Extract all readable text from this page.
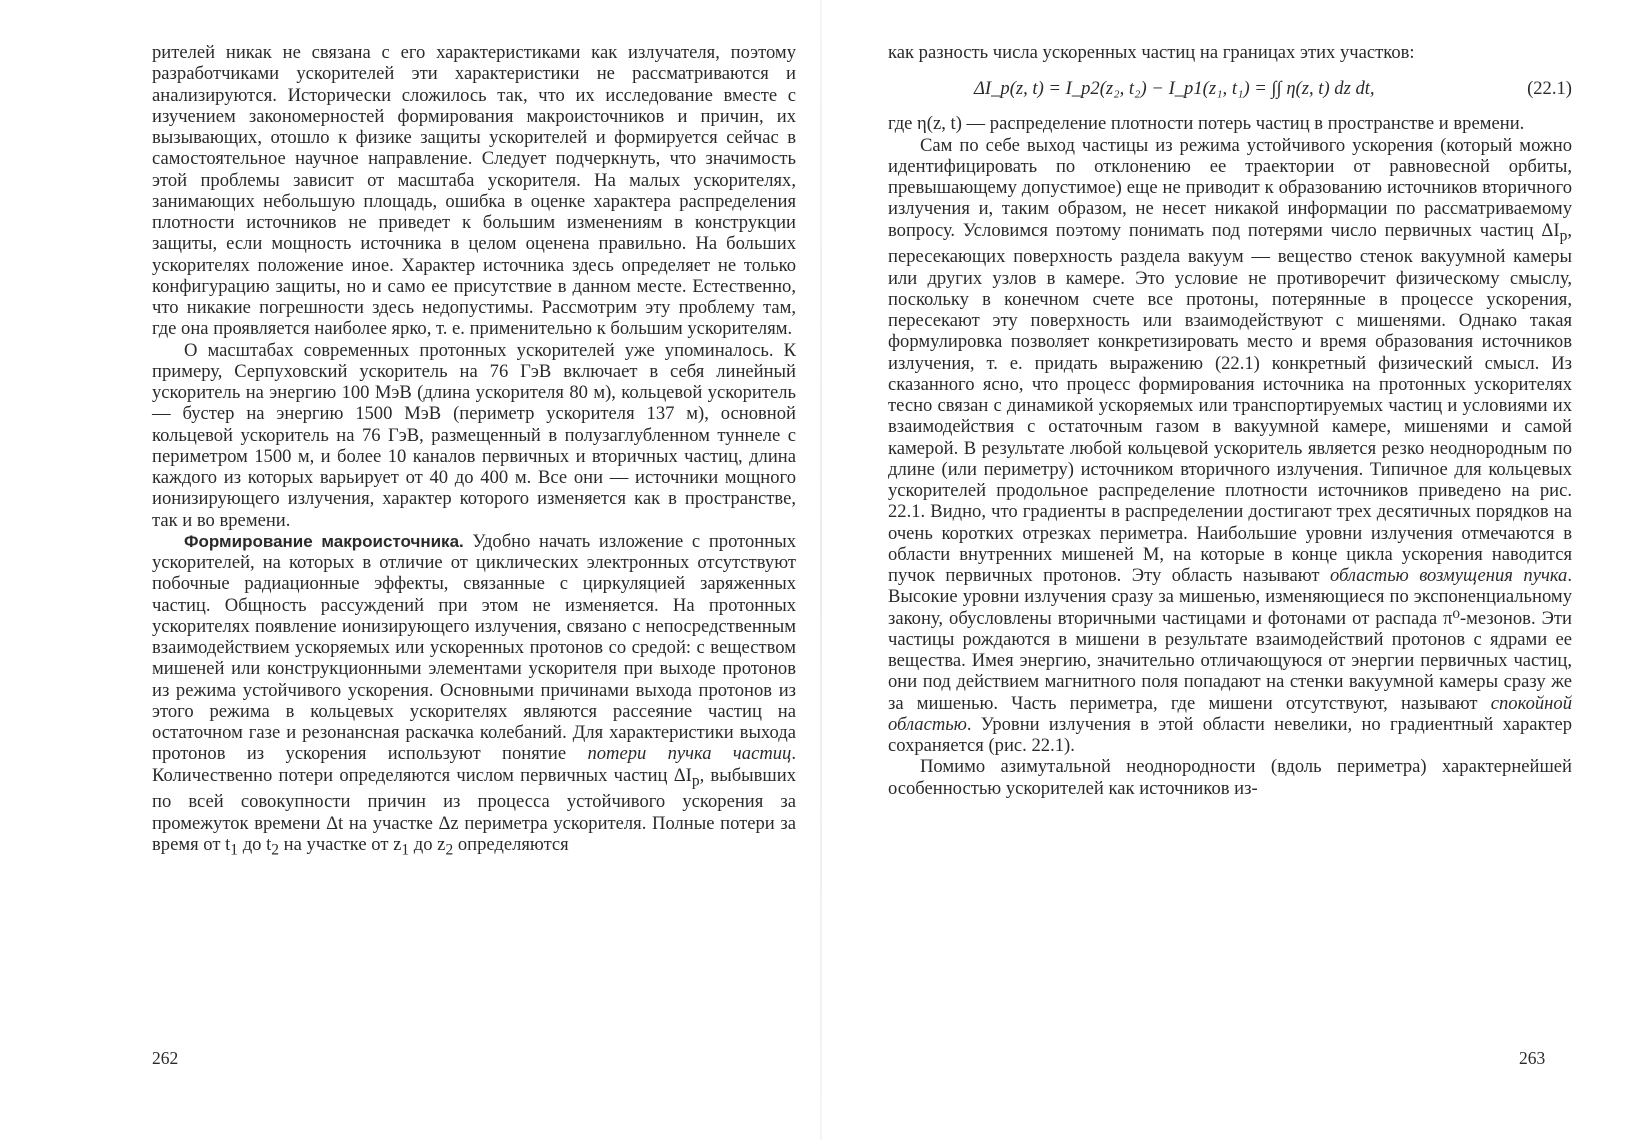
рителей никак не связана с его характеристиками как излучателя, поэтому разработчиками ускорителей эти характеристики не рассматриваются и анализируются. Исторически сложилось так, что их исследование вместе с изучением закономерностей формирования макроисточников и причин, их вызывающих, отошло к физике защиты ускорителей и формируется сейчас в самостоятельное научное направление. Следует подчеркнуть, что значимость этой проблемы зависит от масштаба ускорителя. На малых ускорителях, занимающих небольшую площадь, ошибка в оценке характера распределения плотности источников не приведет к большим изменениям в конструкции защиты, если мощность источника в целом оценена правильно. На больших ускорителях положение иное. Характер источника здесь определяет не только конфигурацию защиты, но и само ее присутствие в данном месте. Естественно, что никакие погрешности здесь недопустимы. Рассмотрим эту проблему там, где она проявляется наиболее ярко, т. е. применительно к большим ускорителям.

О масштабах современных протонных ускорителей уже упоминалось. К примеру, Серпуховский ускоритель на 76 ГэВ включает в себя линейный ускоритель на энергию 100 МэВ (длина ускорителя 80 м), кольцевой ускоритель — бустер на энергию 1500 МэВ (периметр ускорителя 137 м), основной кольцевой ускоритель на 76 ГэВ, размещенный в полузаглубленном туннеле с периметром 1500 м, и более 10 каналов первичных и вторичных частиц, длина каждого из которых варьирует от 40 до 400 м. Все они — источники мощного ионизирующего излучения, характер которого изменяется как в пространстве, так и во времени.

Формирование макроисточника. Удобно начать изложение с протонных ускорителей, на которых в отличие от циклических электронных отсутствуют побочные радиационные эффекты, связанные с циркуляцией заряженных частиц. Общность рассуждений при этом не изменяется. На протонных ускорителях появление ионизирующего излучения, связано с непосредственным взаимодействием ускоряемых или ускоренных протонов со средой: с веществом мишеней или конструкционными элементами ускорителя при выходе протонов из режима устойчивого ускорения. Основными причинами выхода протонов из этого режима в кольцевых ускорителях являются рассеяние частиц на остаточном газе и резонансная раскачка колебаний. Для характеристики выхода протонов из ускорения используют понятие потери пучка частиц. Количественно потери определяются числом первичных частиц $\Delta I_p$, выбывших по всей совокупности причин из процесса устойчивого ускорения за промежуток времени Δt на участке Δz периметра ускорителя. Полные потери за время от $t_1$ до $t_2$ на участке от $z_1$ до $z_2$ определяются

262

как разность числа ускоренных частиц на границах этих участков:

ΔI_p(z, t) = I_p2(z₂, t₂) − I_p1(z₁, t₁) = ∫∫ η(z, t) dz dt,	(22.1)

где η(z, t) — распределение плотности потерь частиц в пространстве и времени.

Сам по себе выход частицы из режима устойчивого ускорения (который можно идентифицировать по отклонению ее траектории от равновесной орбиты, превышающему допустимое) еще не приводит к образованию источников вторичного излучения и, таким образом, не несет никакой информации по рассматриваемому вопросу. Условимся поэтому понимать под потерями число первичных частиц $\Delta I_p$, пересекающих поверхность раздела вакуум — вещество стенок вакуумной камеры или других узлов в камере. Это условие не противоречит физическому смыслу, поскольку в конечном счете все протоны, потерянные в процессе ускорения, пересекают эту поверхность или взаимодействуют с мишенями. Однако такая формулировка позволяет конкретизировать место и время образования источников излучения, т. е. придать выражению (22.1) конкретный физический смысл. Из сказанного ясно, что процесс формирования источника на протонных ускорителях тесно связан с динамикой ускоряемых или транспортируемых частиц и условиями их взаимодействия с остаточным газом в вакуумной камере, мишенями и самой камерой. В результате любой кольцевой ускоритель является резко неоднородным по длине (или периметру) источником вторичного излучения. Типичное для кольцевых ускорителей продольное распределение плотности источников приведено на рис. 22.1. Видно, что градиенты в распределении достигают трех десятичных порядков на очень коротких отрезках периметра. Наибольшие уровни излучения отмечаются в области внутренних мишеней M, на которые в конце цикла ускорения наводится пучок первичных протонов. Эту область называют областью возмущения пучка. Высокие уровни излучения сразу за мишенью, изменяющиеся по экспоненциальному закону, обусловлены вторичными частицами и фотонами от распада π⁰-мезонов. Эти частицы рождаются в мишени в результате взаимодействий протонов с ядрами ее вещества. Имея энергию, значительно отличающуюся от энергии первичных частиц, они под действием магнитного поля попадают на стенки вакуумной камеры сразу же за мишенью. Часть периметра, где мишени отсутствуют, называют спокойной областью. Уровни излучения в этой области невелики, но градиентный характер сохраняется (рис. 22.1).

Помимо азимутальной неоднородности (вдоль периметра) характернейшей особенностью ускорителей как источников из-

263
